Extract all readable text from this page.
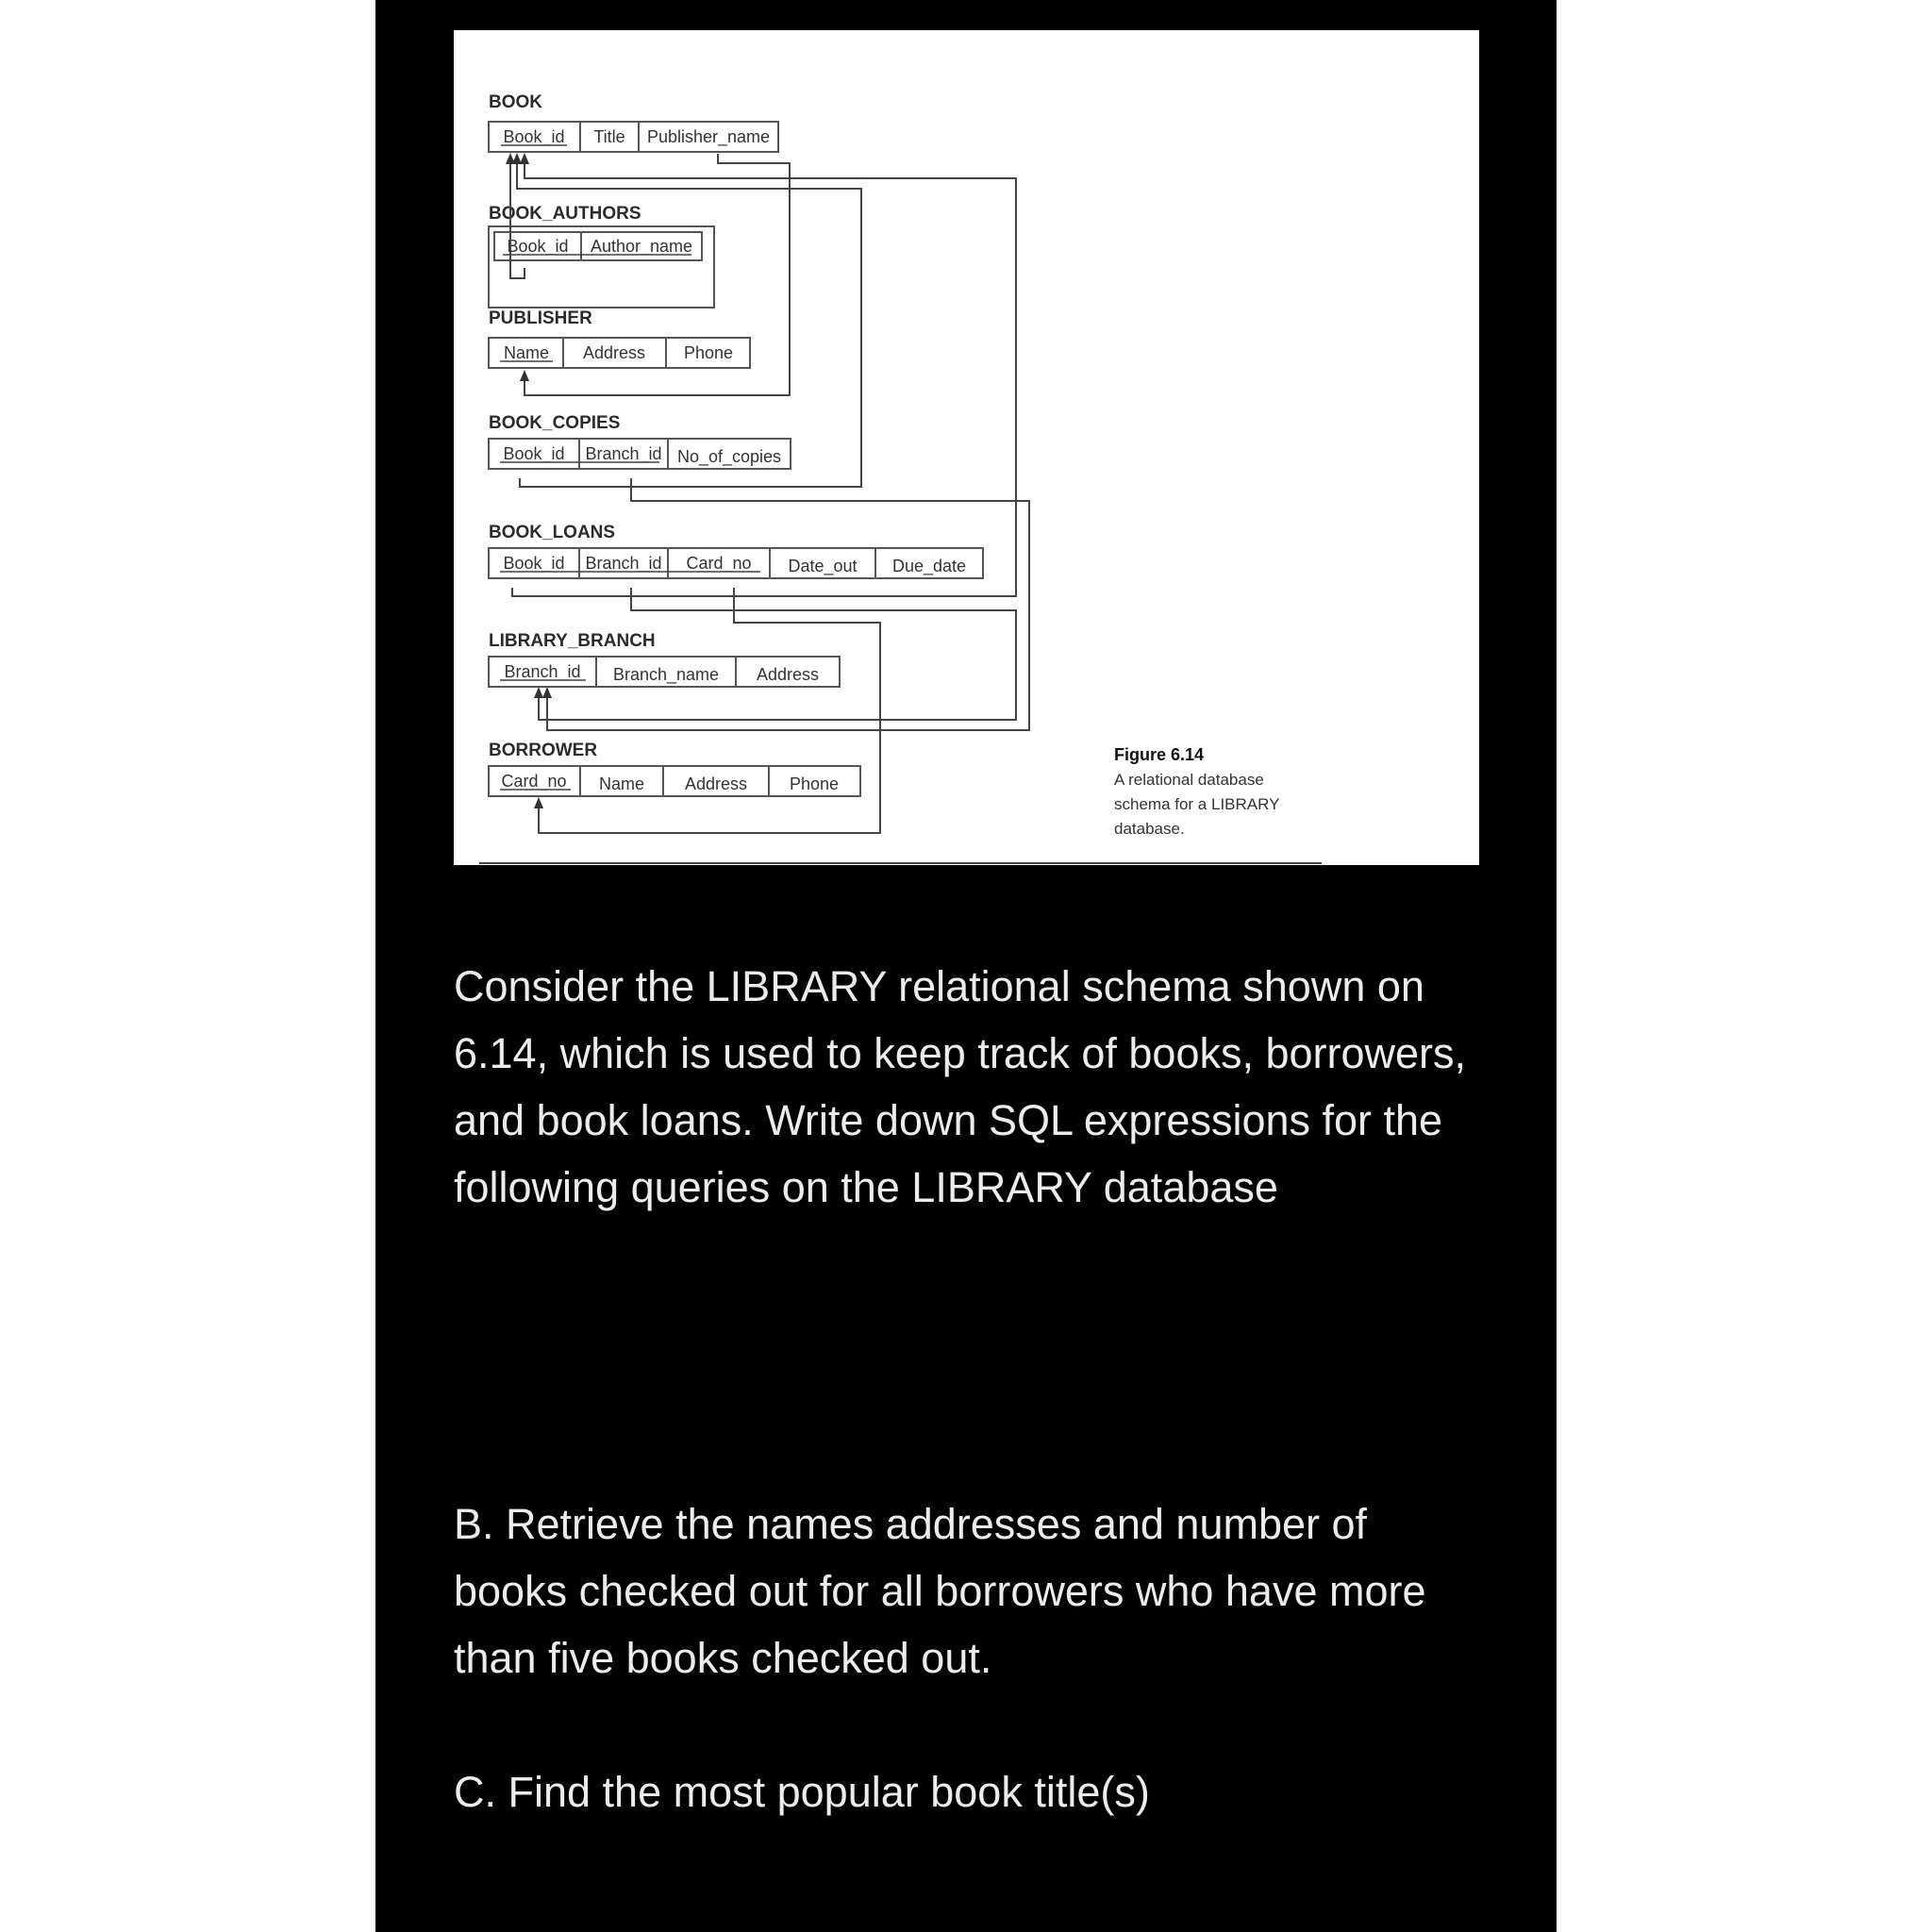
BOOK
BOOK_AUTHORS
PUBLISHER
BOOK_COPIES
BOOK_LOANS
LIBRARY_BRANCH
BORROWER
Book_id Title Publisher_name
Book_id Author_name
Name Address Phone
Book_id Branch_id No_of_copies
Book_id Branch_id Card_no Date_out Due_date
Branch_id Branch_name Address
Card_no Name Address Phone
Figure 6.14
A relational database
schema for a LIBRARY
database.

Consider the LIBRARY relational schema shown on 6.14, which is used to keep track of books, borrowers, and book loans. Write down SQL expressions for the following queries on the LIBRARY database

B. Retrieve the names addresses and number of books checked out for all borrowers who have more than five books checked out.

C. Find the most popular book title(s)
